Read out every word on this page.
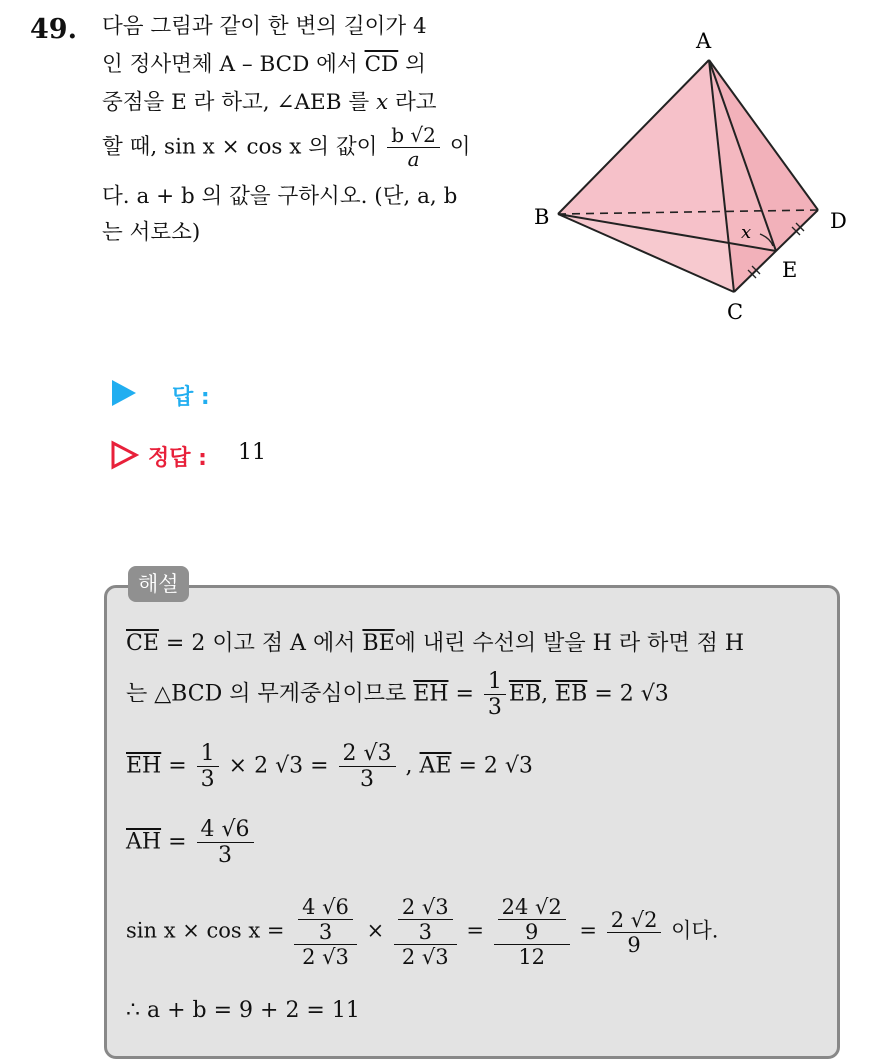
49. 다음 그림과 같이 한 변의 길이가 4
인 정사면체 A – BCD 에서 $\overline{CD}$ 의
중점을 E 라 하고, ∠AEB 를 x 라고
할 때, sin x × cos x 의 값이 $\frac{b √2}{a}$ 이
다. a + b 의 값을 구하시오. (단, a, b
는 서로소)
A
B
C
D
E
x
답 :
정답 : 11
해설
$\overline{CE} = 2$ 이고 점 A 에서 $\overline{BE}$에 내린 수선의 발을 H 라 하면 점 H
는 △BCD 의 무게중심이므로 $\overline{EH} = \frac{1}{3} \overline{EB}$, $\overline{EB} = 2$ √3
$\overline{EH} = \frac{1}{3} \times 2$ $√3 = \frac{2 √3}{3}$ , $\overline{AE} = 2$ √3
$\overline{AH} = \frac{4 √6}{3}$
$\sin x \times \cos x = \frac{\frac{4 √6}{3}}{2 √3} \times \frac{\frac{2 √3}{3}}{2 √3} = \frac{\frac{24 √2}{9}}{12} = \frac{2 √2}{9}$ 이다.
∴ a + b = 9 + 2 = 11
